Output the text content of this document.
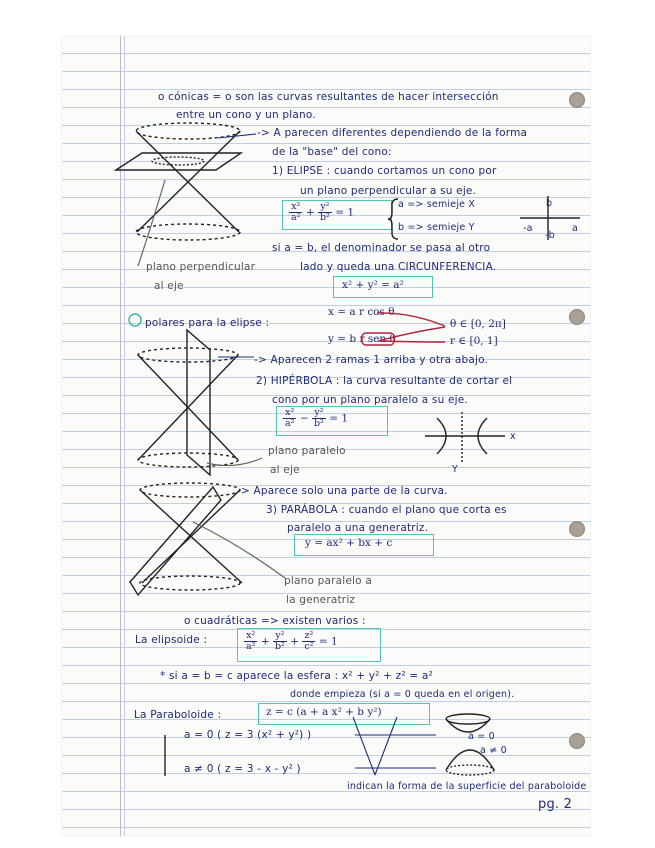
o cónicas = o son las curvas resultantes de hacer intersección
entre un cono y un plano.
-> A parecen diferentes dependiendo de la forma
de la "base" del cono:
1) ELIPSE : cuando cortamos un cono por
un plano perpendicular a su eje.
$\frac{\text{x²}}{\text{a²}} + \frac{\text{y²}}{\text{b²}} = 1$
a => semieje X
b => semieje Y
si a = b, el denominador se pasa al otro
lado y queda una CIRCUNFERENCIA.
x² + y² = a²
plano perpendicular
al eje
polares para la elipse :
x = a r cos θ
y = b r sen θ
θ ∈ [0, 2π]
r ∈ [0, 1]
-> Aparecen 2 ramas 1 arriba y otra abajo.
2) HIPÉRBOLA : la curva resultante de cortar el
cono por un plano paralelo a su eje.
$\frac{\text{x²}}{\text{a²}} - \frac{\text{y²}}{\text{b²}} = 1$
plano paralelo
al eje
-> Aparece solo una parte de la curva.
3) PARÁBOLA : cuando el plano que corta es
paralelo a una generatriz.
y = ax² + bx + c
plano paralelo a
la generatriz
o cuadráticas => existen varios :
La elipsoide :	$\frac{\text{x²}}{\text{a²}} + \frac{\text{y²}}{\text{b²}} + \frac{\text{z²}}{\text{c²}} = 1$
* si a = b = c aparece la esfera : x² + y² + z² = a²
donde empieza (si a = 0 queda en el origen).
La Paraboloide :	z = c (a + a x² + b y²)
a = 0 ( z = 3 (x² + y²) )
a ≠ 0 ( z = 3 - x - y² )
indican la forma de la superficie del paraboloide
a = 0
a ≠ 0
pg. 2
b
-a	a
-b
x
Y
